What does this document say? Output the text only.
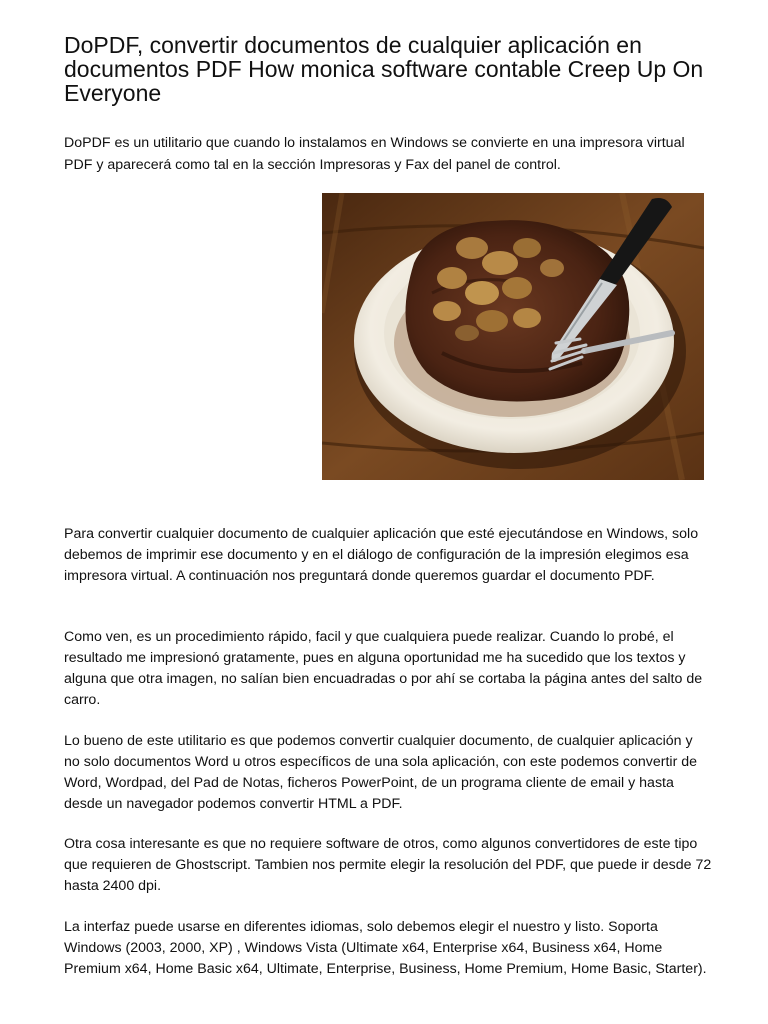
DoPDF, convertir documentos de cualquier aplicación en documentos PDF How monica software contable Creep Up On Everyone

DoPDF es un utilitario que cuando lo instalamos en Windows se convierte en una impresora virtual PDF y aparecerá como tal en la sección Impresoras y Fax del panel de control.

Para convertir cualquier documento de cualquier aplicación que esté ejecutándose en Windows, solo debemos de imprimir ese documento y en el diálogo de configuración de la impresión elegimos esa impresora virtual. A continuación nos preguntará donde queremos guardar el documento PDF.

Como ven, es un procedimiento rápido, facil y que cualquiera puede realizar. Cuando lo probé, el resultado me impresionó gratamente, pues en alguna oportunidad me ha sucedido que los textos y alguna que otra imagen, no salían bien encuadradas o por ahí se cortaba la página antes del salto de carro.

Lo bueno de este utilitario es que podemos convertir cualquier documento, de cualquier aplicación y no solo documentos Word u otros específicos de una sola aplicación, con este podemos convertir de Word, Wordpad, del Pad de Notas, ficheros PowerPoint, de un programa cliente de email y hasta desde un navegador podemos convertir HTML a PDF.

Otra cosa interesante es que no requiere software de otros, como algunos convertidores de este tipo que requieren de Ghostscript. Tambien nos permite elegir la resolución del PDF, que puede ir desde 72 hasta 2400 dpi.

La interfaz puede usarse en diferentes idiomas, solo debemos elegir el nuestro y listo. Soporta Windows (2003, 2000, XP) , Windows Vista (Ultimate x64, Enterprise x64, Business x64, Home Premium x64, Home Basic x64, Ultimate, Enterprise, Business, Home Premium, Home Basic, Starter).
